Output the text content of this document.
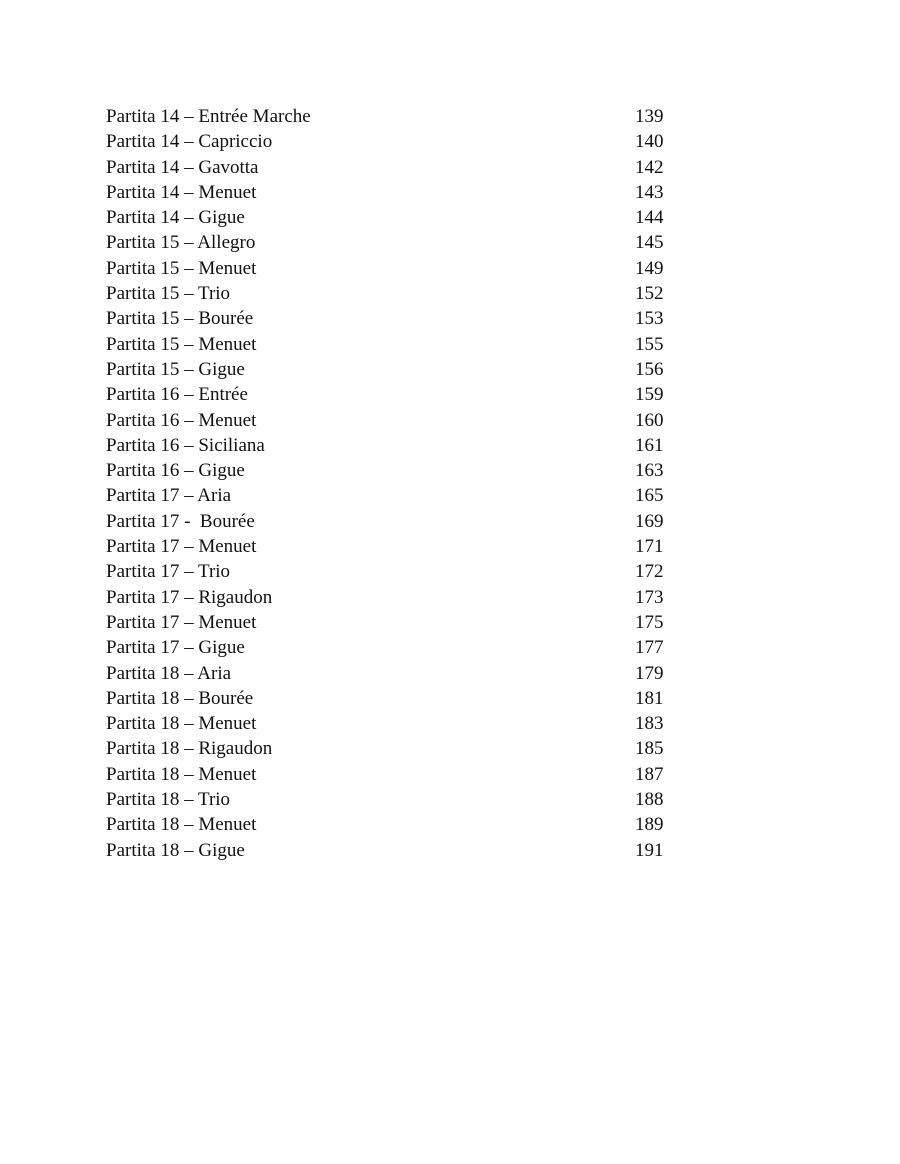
Partita 14 – Entrée Marche	139
Partita 14 – Capriccio	140
Partita 14 – Gavotta	142
Partita 14 – Menuet	143
Partita 14 – Gigue	144
Partita 15 – Allegro	145
Partita 15 – Menuet	149
Partita 15 – Trio	152
Partita 15 – Bourée	153
Partita 15 – Menuet	155
Partita 15 – Gigue	156
Partita 16 – Entrée	159
Partita 16 – Menuet	160
Partita 16 – Siciliana	161
Partita 16 – Gigue	163
Partita 17 – Aria	165
Partita 17 -  Bourée	169
Partita 17 – Menuet	171
Partita 17 – Trio	172
Partita 17 – Rigaudon	173
Partita 17 – Menuet	175
Partita 17 – Gigue	177
Partita 18 – Aria	179
Partita 18 – Bourée	181
Partita 18 – Menuet	183
Partita 18 – Rigaudon	185
Partita 18 – Menuet	187
Partita 18 – Trio	188
Partita 18 – Menuet	189
Partita 18 – Gigue	191
